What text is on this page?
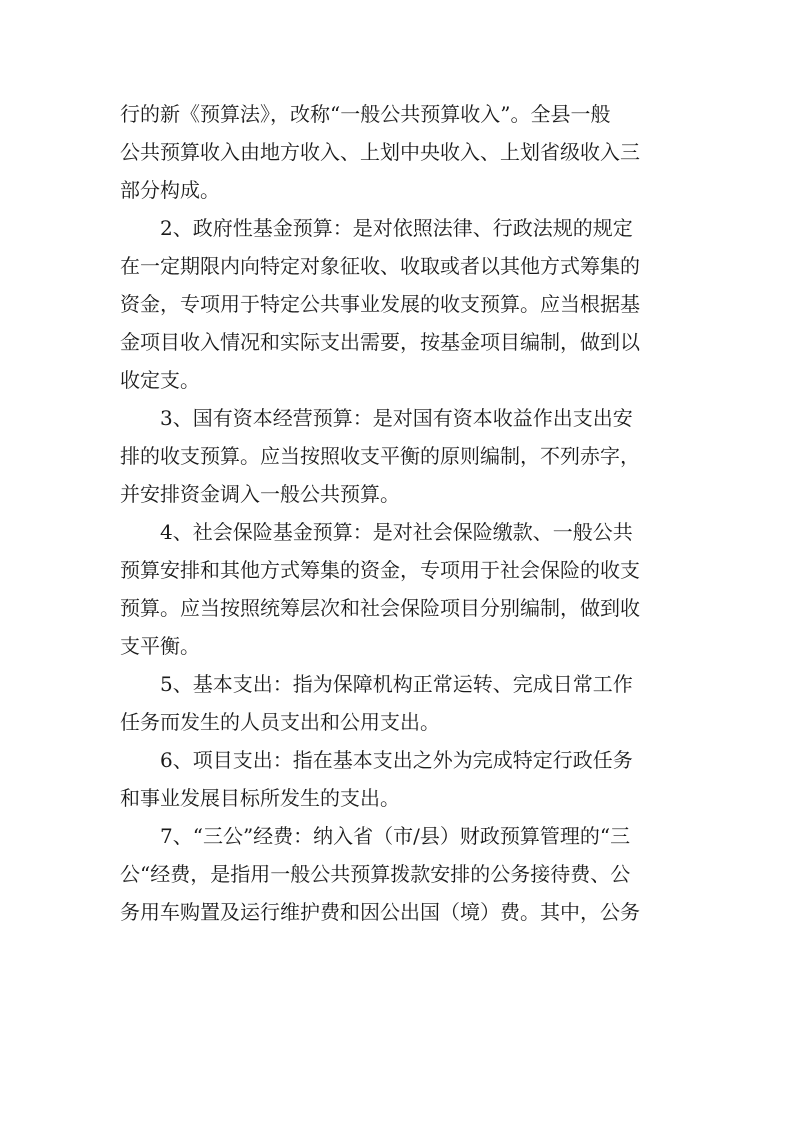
行的新《预算法》，改称“一般公共预算收入”。全县一般
公共预算收入由地方收入、上划中央收入、上划省级收入三
部分构成。
2、政府性基金预算：是对依照法律、行政法规的规定
在一定期限内向特定对象征收、收取或者以其他方式筹集的
资金，专项用于特定公共事业发展的收支预算。应当根据基
金项目收入情况和实际支出需要，按基金项目编制，做到以
收定支。
3、国有资本经营预算：是对国有资本收益作出支出安
排的收支预算。应当按照收支平衡的原则编制，不列赤字，
并安排资金调入一般公共预算。
4、社会保险基金预算：是对社会保险缴款、一般公共
预算安排和其他方式筹集的资金，专项用于社会保险的收支
预算。应当按照统筹层次和社会保险项目分别编制，做到收
支平衡。
5、基本支出：指为保障机构正常运转、完成日常工作
任务而发生的人员支出和公用支出。
6、项目支出：指在基本支出之外为完成特定行政任务
和事业发展目标所发生的支出。
7、“三公”经费：纳入省（市/县）财政预算管理的“三
公“经费，是指用一般公共预算拨款安排的公务接待费、公
务用车购置及运行维护费和因公出国（境）费。其中，公务
